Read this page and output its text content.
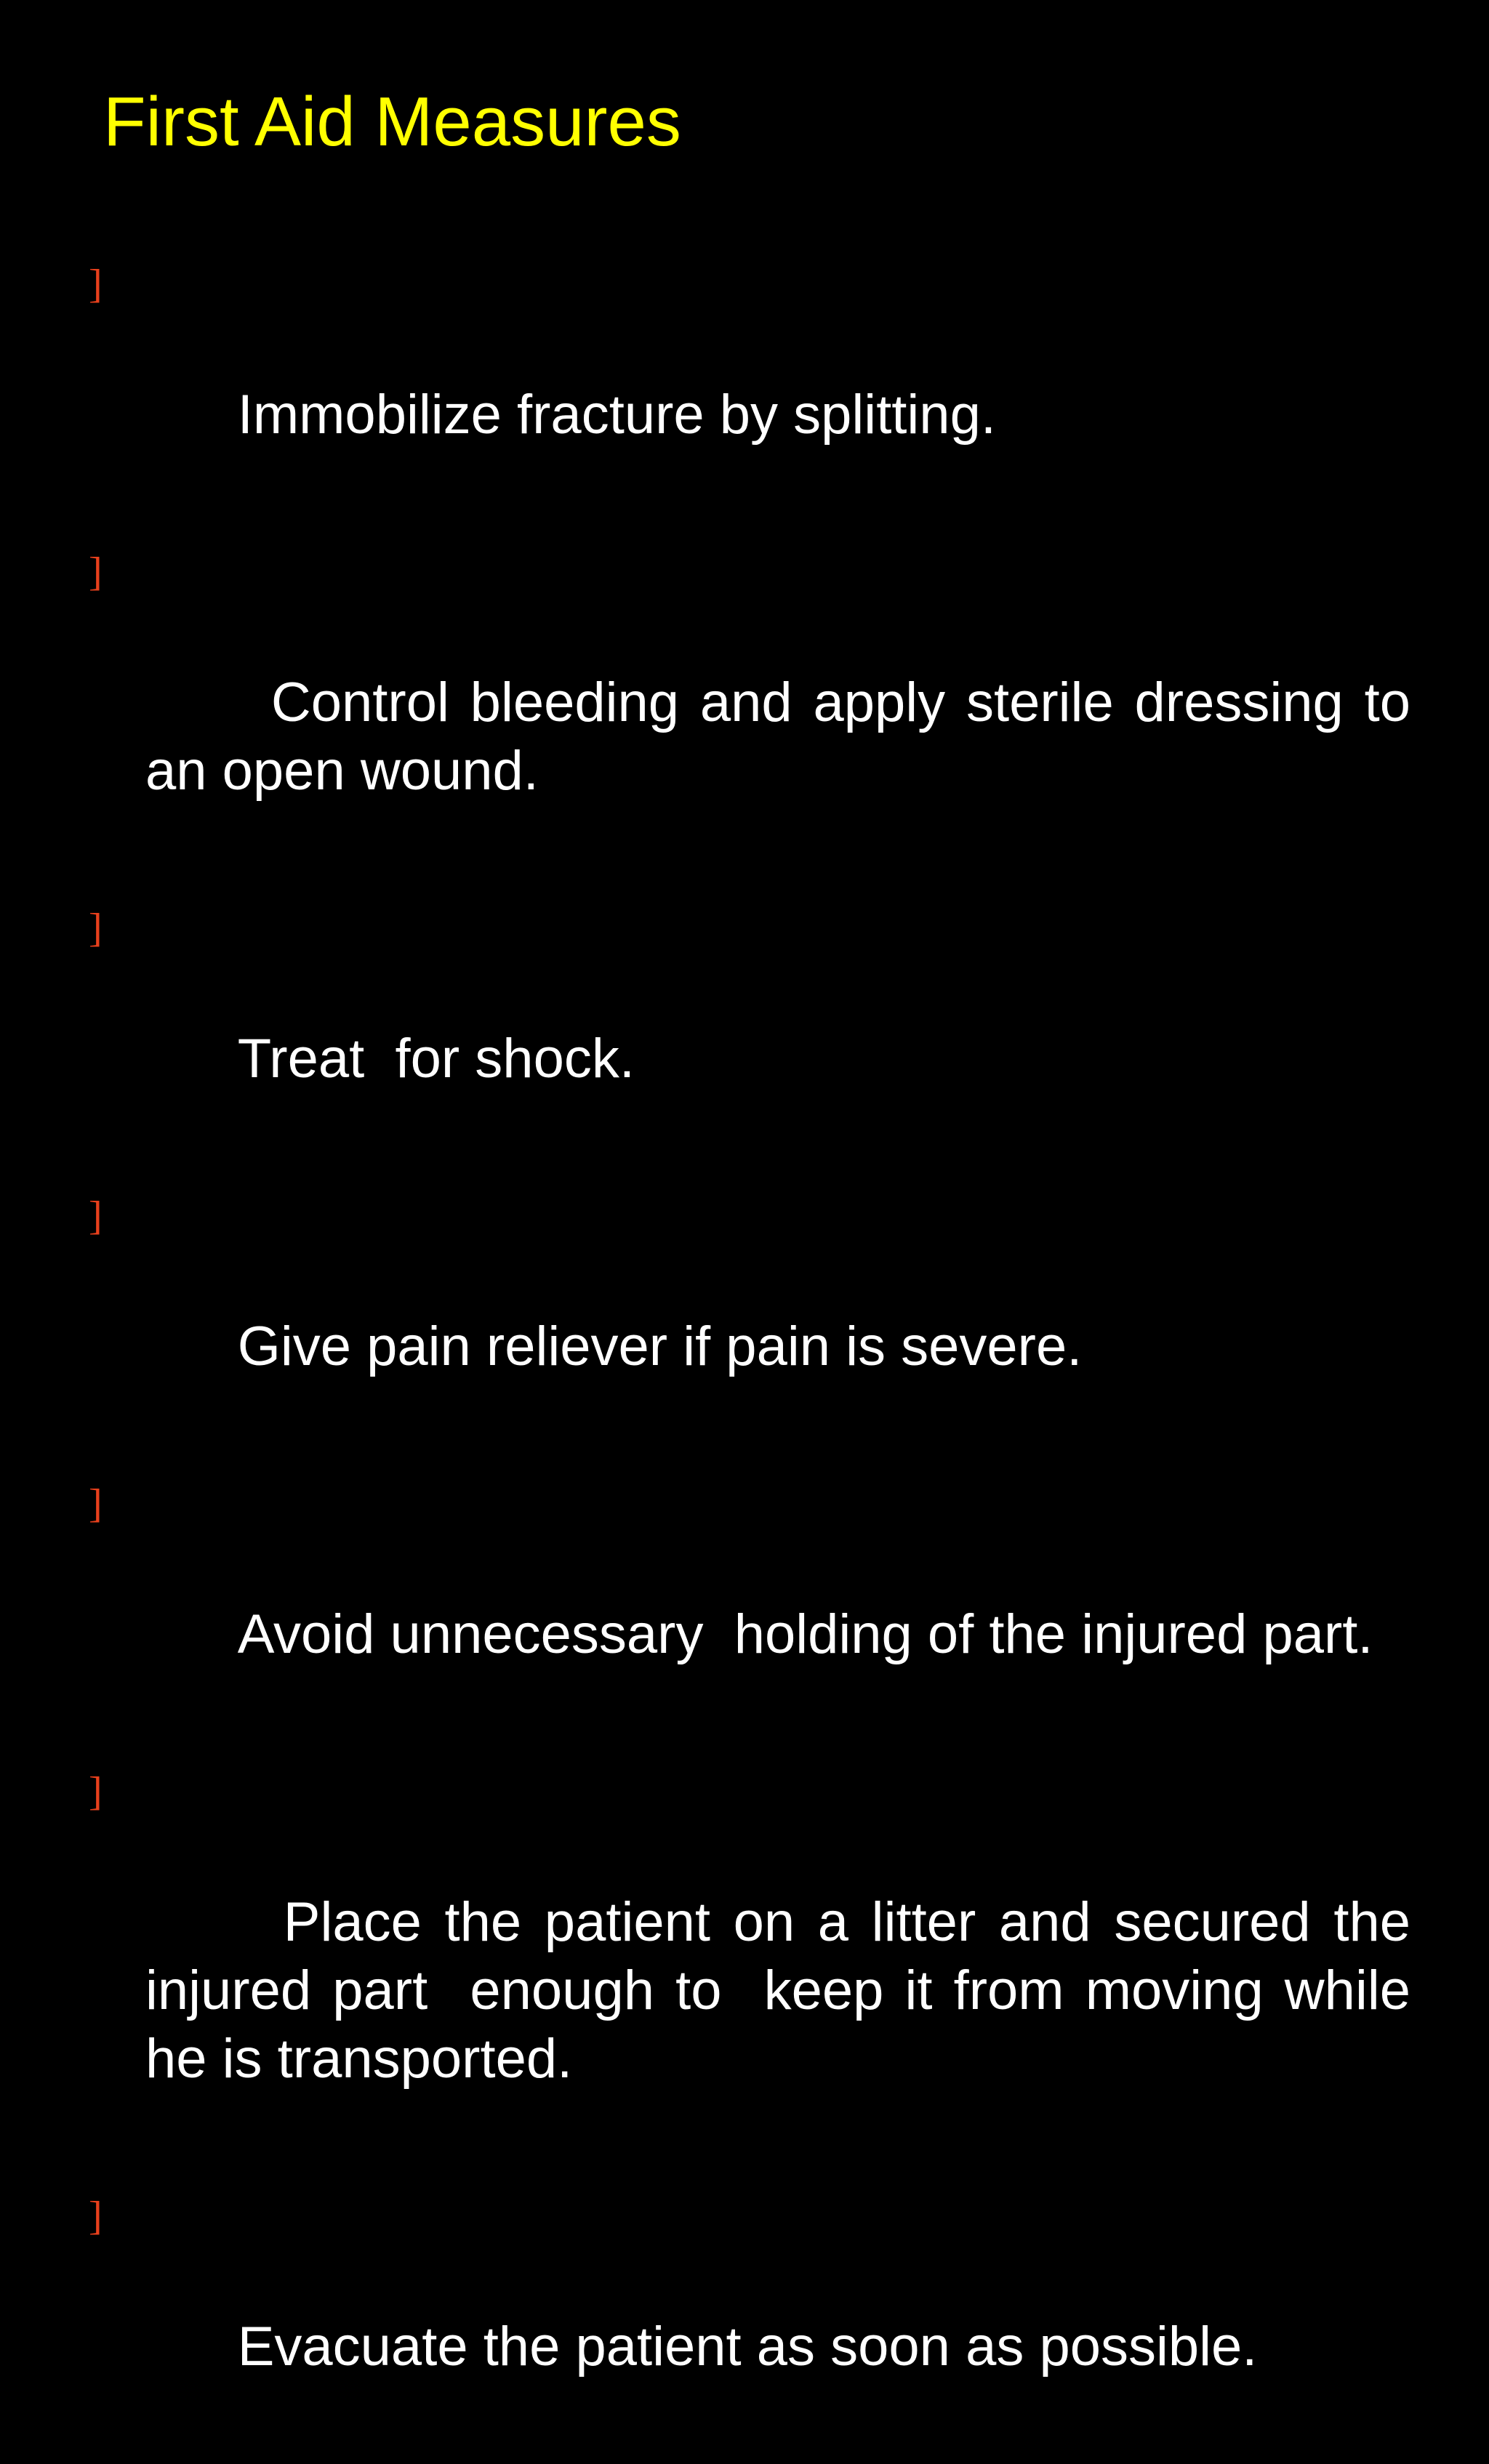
First Aid Measures

]

Immobilize fracture by splitting.

]

Control bleeding and apply sterile dressing to an open wound.

]

Treat  for shock.

]

Give pain reliever if pain is severe.

]

Avoid unnecessary  holding of the injured part.

]

Place the patient on a litter and secured the injured part  enough to  keep it from moving while he is transported.

]

Evacuate the patient as soon as possible.
